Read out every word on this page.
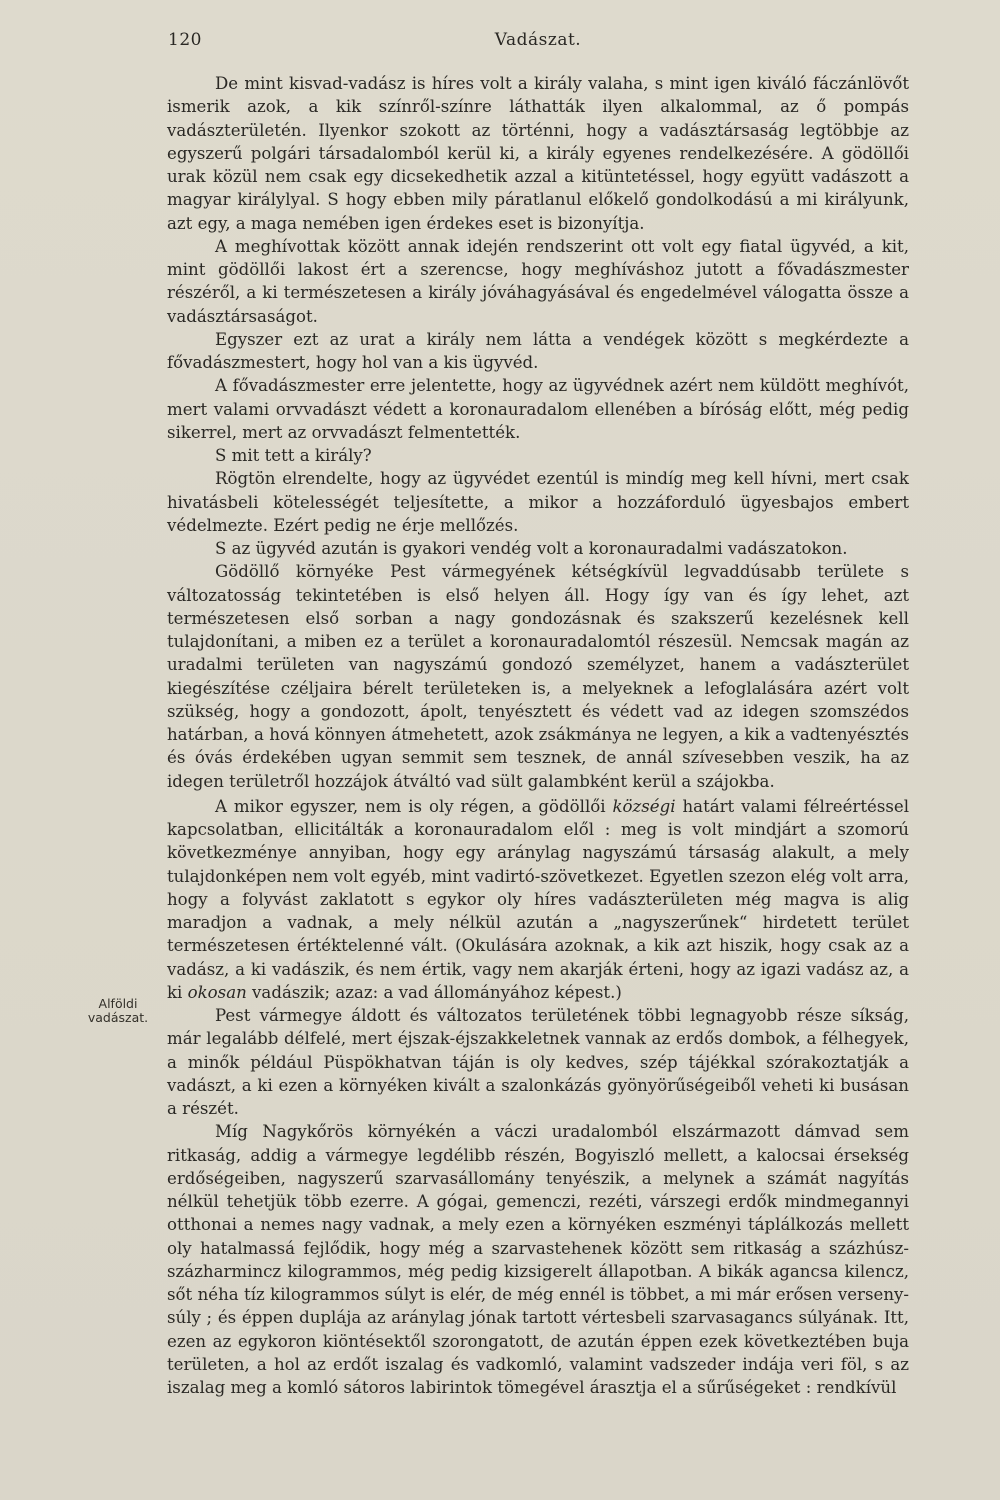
120	Vadászat.
Alföldi
vadászat.

De mint kisvad-vadász is híres volt a király valaha, s mint igen kiváló fáczánlövőt ismerik azok, a kik színről-színre láthatták ilyen alkalommal, az ő pompás vadászterületén. Ilyenkor szokott az történni, hogy a vadásztársaság legtöbbje az egyszerű polgári társadalomból kerül ki, a király egyenes rendelkezésére. A gödöllői urak közül nem csak egy dicsekedhetik azzal a kitüntetéssel, hogy együtt vadászott a magyar királylyal. S hogy ebben mily páratlanul előkelő gondolkodású a mi királyunk, azt egy, a maga nemében igen érdekes eset is bizonyítja.

A meghívottak között annak idején rendszerint ott volt egy fiatal ügyvéd, a kit, mint gödöllői lakost ért a szerencse, hogy meghíváshoz jutott a fővadászmester részéről, a ki természetesen a király jóváhagyásával és engedelmével válogatta össze a vadásztársaságot.

Egyszer ezt az urat a király nem látta a vendégek között s megkérdezte a fővadászmestert, hogy hol van a kis ügyvéd.

A fővadászmester erre jelentette, hogy az ügyvédnek azért nem küldött meghívót, mert valami orvvadászt védett a koronauradalom ellenében a bíróság előtt, még pedig sikerrel, mert az orvvadászt felmentették.

S mit tett a király?

Rögtön elrendelte, hogy az ügyvédet ezentúl is mindíg meg kell hívni, mert csak hivatásbeli kötelességét teljesítette, a mikor a hozzáforduló ügyesbajos embert védelmezte. Ezért pedig ne érje mellőzés.

S az ügyvéd azután is gyakori vendég volt a koronauradalmi vadászatokon.

Gödöllő környéke Pest vármegyének kétségkívül legvaddúsabb területe s változatosság tekintetében is első helyen áll. Hogy így van és így lehet, azt természetesen első sorban a nagy gondozásnak és szakszerű kezelésnek kell tulajdonítani, a miben ez a terület a koronauradalomtól részesül. Nemcsak magán az uradalmi területen van nagyszámú gondozó személyzet, hanem a vadászterület kiegészítése czéljaira bérelt területeken is, a melyeknek a lefoglalására azért volt szükség, hogy a gondozott, ápolt, tenyésztett és védett vad az idegen szomszédos határban, a hová könnyen átmehetett, azok zsákmánya ne legyen, a kik a vadtenyésztés és óvás érdekében ugyan semmit sem tesznek, de annál szívesebben veszik, ha az idegen területről hozzájok átváltó vad sült galambként kerül a szájokba.

A mikor egyszer, nem is oly régen, a gödöllői községi határt valami félreértéssel kapcsolatban, ellicitálták a koronauradalom elől : meg is volt mindjárt a szomorú következménye annyiban, hogy egy aránylag nagyszámú társaság alakult, a mely tulajdonképen nem volt egyéb, mint vadirtó-szövetkezet. Egyetlen szezon elég volt arra, hogy a folyvást zaklatott s egykor oly híres vadászterületen még magva is alig maradjon a vadnak, a mely nélkül azután a „nagyszerűnek“ hirdetett terület természetesen értéktelenné vált. (Okulására azoknak, a kik azt hiszik, hogy csak az a vadász, a ki vadászik, és nem értik, vagy nem akarják érteni, hogy az igazi vadász az, a ki okosan vadászik; azaz: a vad állományához képest.)

Pest vármegye áldott és változatos területének többi legnagyobb része síkság, már legalább délfelé, mert éjszak-éjszakkeletnek vannak az erdős dombok, a félhegyek, a minők például Püspökhatvan táján is oly kedves, szép tájékkal szórakoztatják a vadászt, a ki ezen a környéken kivált a szalonkázás gyönyörűségeiből veheti ki busásan a részét.

Míg Nagykőrös környékén a váczi uradalomból elszármazott dámvad sem ritkaság, addig a vármegye legdélibb részén, Bogyiszló mellett, a kalocsai érsekség erdőségeiben, nagyszerű szarvasállomány tenyészik, a melynek a számát nagyítás nélkül tehetjük több ezerre. A gógai, gemenczi, rezéti, várszegi erdők mindmegannyi otthonai a nemes nagy vadnak, a mely ezen a környéken eszményi táplálkozás mellett oly hatalmassá fejlődik, hogy még a szarvastehenek között sem ritkaság a százhúsz-százharmincz kilogrammos, még pedig kizsigerelt állapotban. A bikák agancsa kilencz, sőt néha tíz kilogrammos súlyt is elér, de még ennél is többet, a mi már erősen verseny-súly ; és éppen duplája az aránylag jónak tartott vértesbeli szarvasagancs súlyának. Itt, ezen az egykoron kiöntésektől szorongatott, de azután éppen ezek következtében buja területen, a hol az erdőt iszalag és vadkomló, valamint vadszeder indája veri föl, s az iszalag meg a komló sátoros labirintok tömegével árasztja el a sűrűségeket : rendkívül
